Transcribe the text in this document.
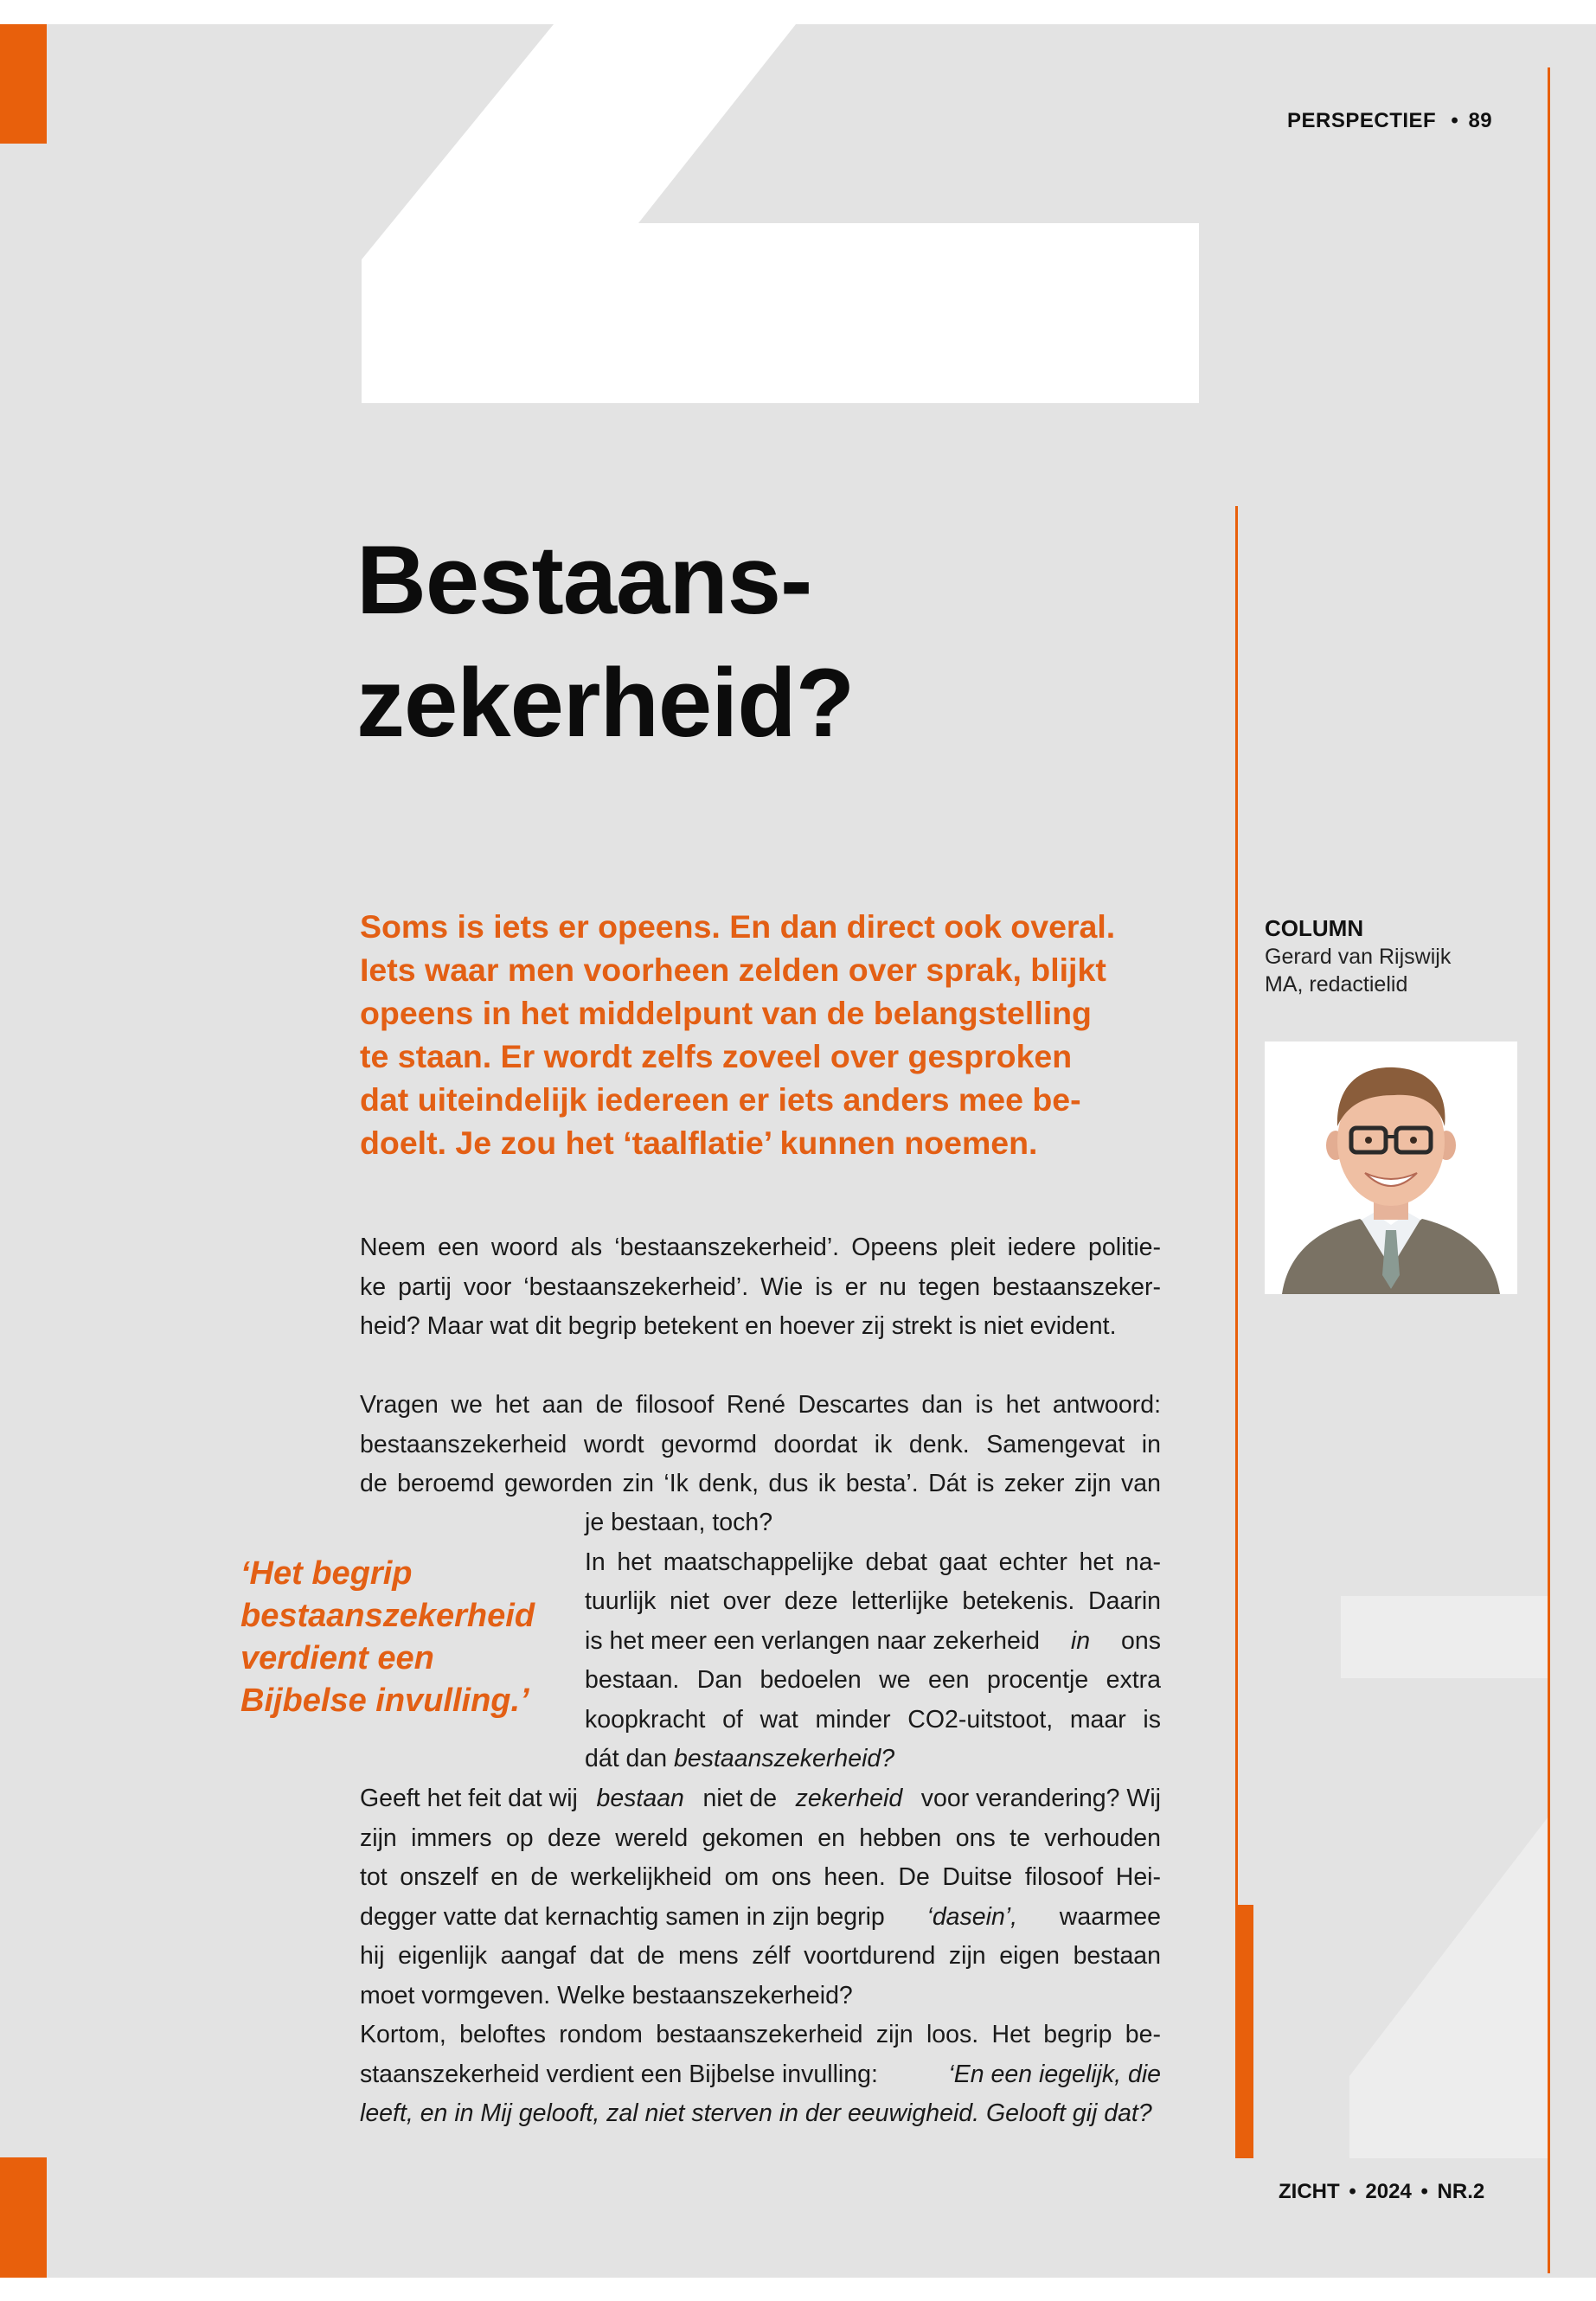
PERSPECTIEF • 89
Bestaans-
zekerheid?

Soms is iets er opeens. En dan direct ook overal.
Iets waar men voorheen zelden over sprak, blijkt
opeens in het middelpunt van de belangstelling
te staan. Er wordt zelfs zoveel over gesproken
dat uiteindelijk iedereen er iets anders mee be-
doelt. Je zou het ‘taalflatie’ kunnen noemen.

COLUMN
Gerard van Rijswijk
MA, redactielid
Neem een woord als ‘bestaanszekerheid’. Opeens pleit iedere politie-
ke partij voor ‘bestaanszekerheid’. Wie is er nu tegen bestaanszeker-
heid? Maar wat dit begrip betekent en hoever zij strekt is niet evident.
Vragen we het aan de filosoof René Descartes dan is het antwoord:
bestaanszekerheid wordt gevormd doordat ik denk. Samengevat in
de beroemd geworden zin ‘Ik denk, dus ik besta’. Dát is zeker zijn van
je bestaan, toch?
In het maatschappelijke debat gaat echter het na-
tuurlijk niet over deze letterlijke betekenis. Daarin
is het meer een verlangen naar zekerheid in ons
bestaan. Dan bedoelen we een procentje extra
koopkracht of wat minder CO2-uitstoot, maar is
dát dan bestaanszekerheid?

‘Het begrip
bestaanszekerheid
verdient een
Bijbelse invulling.’

Geeft het feit dat wij bestaan niet de zekerheid voor verandering? Wij
zijn immers op deze wereld gekomen en hebben ons te verhouden
tot onszelf en de werkelijkheid om ons heen. De Duitse filosoof Hei-
degger vatte dat kernachtig samen in zijn begrip ‘dasein’, waarmee
hij eigenlijk aangaf dat de mens zélf voortdurend zijn eigen bestaan
moet vormgeven. Welke bestaanszekerheid?
Kortom, beloftes rondom bestaanszekerheid zijn loos. Het begrip be-
staanszekerheid verdient een Bijbelse invulling:	‘En een iegelijk, die
leeft, en in Mij gelooft, zal niet sterven in der eeuwigheid. Gelooft gij dat?
ZICHT • 2024 • NR.2
